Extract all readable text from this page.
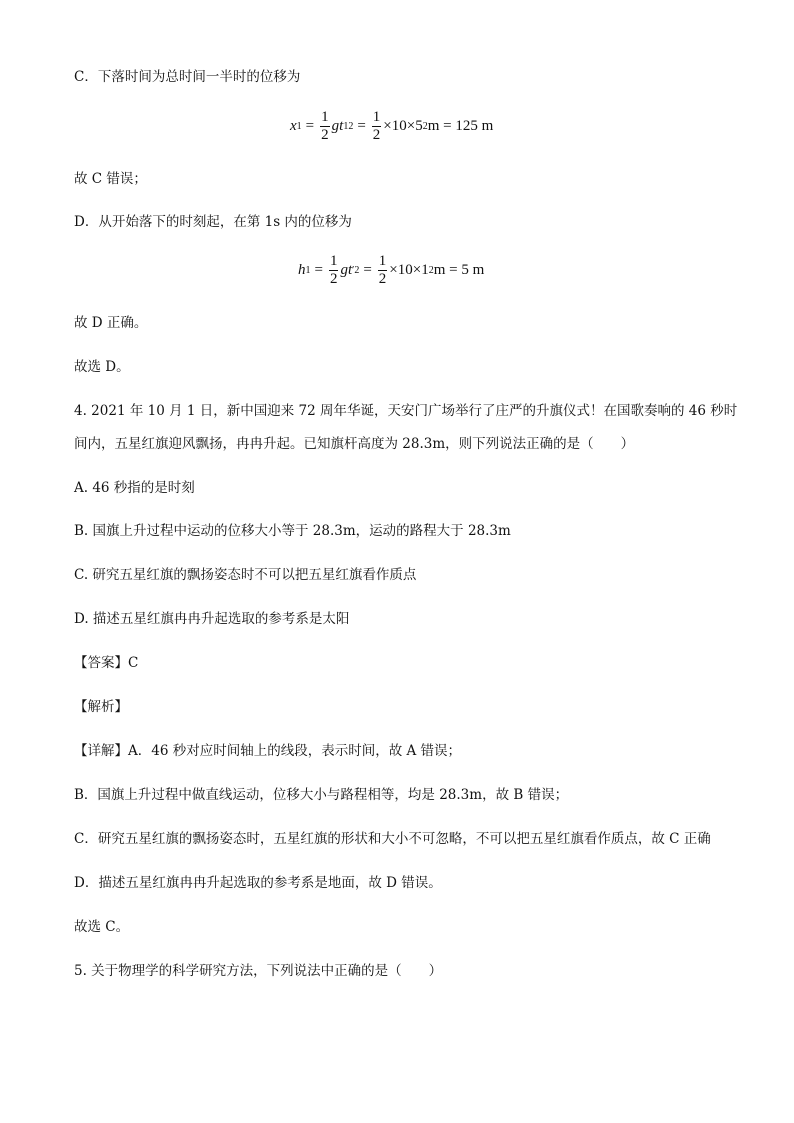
C．下落时间为总时间一半时的位移为
x $1 = \frac{1}{2}$ g t 1 $2 = \frac{1}{2} \times 10\times 5$ 2 m = 125 m
故 C 错误；
D．从开始落下的时刻起，在第 1s 内的位移为
h $1 = \frac{1}{2}$ g t $'2 = \frac{1}{2} \times 10\times 1$ 2 m = 5 m
故 D 正确。
故选 D。
4. 2021 年 10 月 1 日，新中国迎来 72 周年华诞，天安门广场举行了庄严的升旗仪式！在国歌奏响的 46 秒时
间内，五星红旗迎风飘扬，冉冉升起。已知旗杆高度为 28.3m，则下列说法正确的是（　　）
A. 46 秒指的是时刻
B. 国旗上升过程中运动的位移大小等于 28.3m，运动的路程大于 28.3m
C. 研究五星红旗的飘扬姿态时不可以把五星红旗看作质点
D. 描述五星红旗冉冉升起选取的参考系是太阳
【答案】C
【解析】
【详解】A．46 秒对应时间轴上的线段，表示时间，故 A 错误；
B．国旗上升过程中做直线运动，位移大小与路程相等，均是 28.3m，故 B 错误；
C．研究五星红旗的飘扬姿态时，五星红旗的形状和大小不可忽略，不可以把五星红旗看作质点，故 C 正确
D．描述五星红旗冉冉升起选取的参考系是地面，故 D 错误。
故选 C。
5. 关于物理学的科学研究方法，下列说法中正确的是（　　）
